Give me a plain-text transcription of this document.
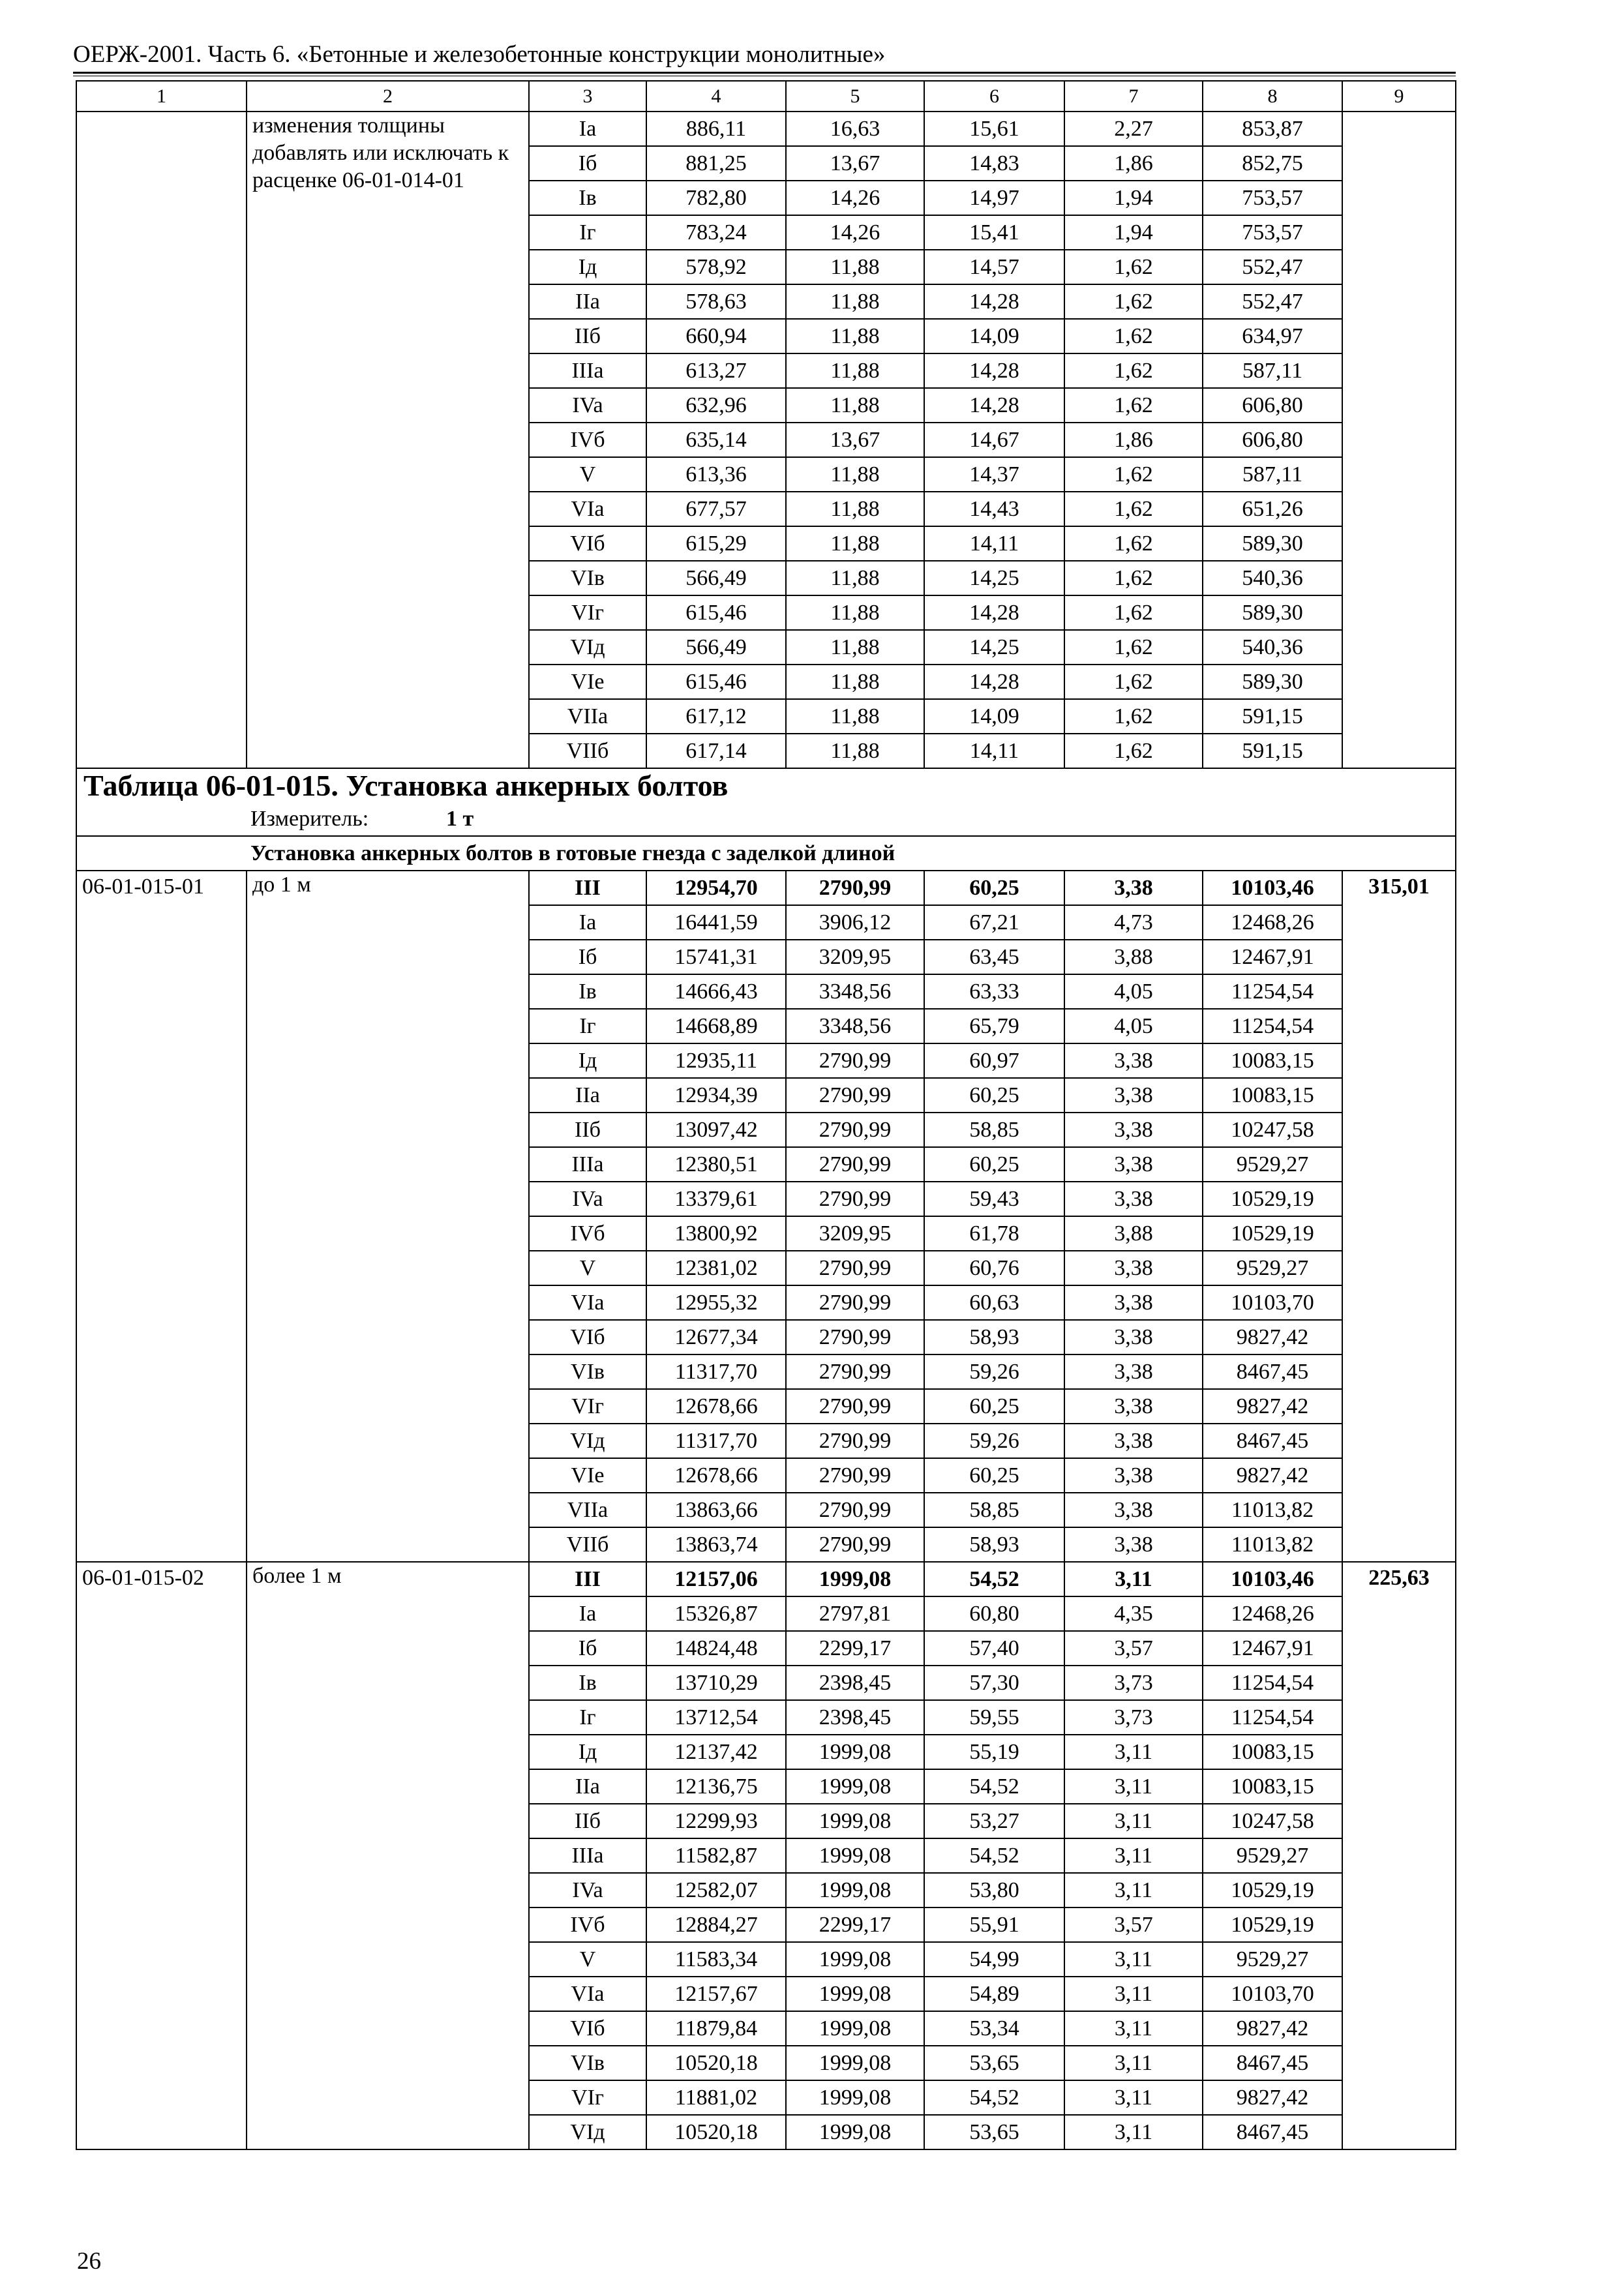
ОЕРЖ-2001. Часть 6. «Бетонные и железобетонные конструкции монолитные»
1	2	3	4	5	6	7	8	9
	изменения толщины добавлять или исключать к расценке 06-01-014-01	Ia	886,11	16,63	15,61	2,27	853,87	
		Iб	881,25	13,67	14,83	1,86	852,75	
		Iв	782,80	14,26	14,97	1,94	753,57	
		Iг	783,24	14,26	15,41	1,94	753,57	
		Iд	578,92	11,88	14,57	1,62	552,47	
		IIa	578,63	11,88	14,28	1,62	552,47	
		IIб	660,94	11,88	14,09	1,62	634,97	
		IIIa	613,27	11,88	14,28	1,62	587,11	
		IVa	632,96	11,88	14,28	1,62	606,80	
		IVб	635,14	13,67	14,67	1,86	606,80	
		V	613,36	11,88	14,37	1,62	587,11	
		VIa	677,57	11,88	14,43	1,62	651,26	
		VIб	615,29	11,88	14,11	1,62	589,30	
		VIв	566,49	11,88	14,25	1,62	540,36	
		VIг	615,46	11,88	14,28	1,62	589,30	
		VIд	566,49	11,88	14,25	1,62	540,36	
		VIe	615,46	11,88	14,28	1,62	589,30	
		VIIa	617,12	11,88	14,09	1,62	591,15	
		VIIб	617,14	11,88	14,11	1,62	591,15	
Таблица 06-01-015. Установка анкерных болтов								
Измеритель: 1 т								
Установка анкерных болтов в готовые гнезда с заделкой длиной								
06-01-015-01	до 1 м	III	12954,70	2790,99	60,25	3,38	10103,46	315,01
		Ia	16441,59	3906,12	67,21	4,73	12468,26	
		Iб	15741,31	3209,95	63,45	3,88	12467,91	
		Iв	14666,43	3348,56	63,33	4,05	11254,54	
		Iг	14668,89	3348,56	65,79	4,05	11254,54	
		Iд	12935,11	2790,99	60,97	3,38	10083,15	
		IIa	12934,39	2790,99	60,25	3,38	10083,15	
		IIб	13097,42	2790,99	58,85	3,38	10247,58	
		IIIa	12380,51	2790,99	60,25	3,38	9529,27	
		IVa	13379,61	2790,99	59,43	3,38	10529,19	
		IVб	13800,92	3209,95	61,78	3,88	10529,19	
		V	12381,02	2790,99	60,76	3,38	9529,27	
		VIa	12955,32	2790,99	60,63	3,38	10103,70	
		VIб	12677,34	2790,99	58,93	3,38	9827,42	
		VIв	11317,70	2790,99	59,26	3,38	8467,45	
		VIг	12678,66	2790,99	60,25	3,38	9827,42	
		VIд	11317,70	2790,99	59,26	3,38	8467,45	
		VIe	12678,66	2790,99	60,25	3,38	9827,42	
		VIIa	13863,66	2790,99	58,85	3,38	11013,82	
		VIIб	13863,74	2790,99	58,93	3,38	11013,82	
06-01-015-02	более 1 м	III	12157,06	1999,08	54,52	3,11	10103,46	225,63
		Ia	15326,87	2797,81	60,80	4,35	12468,26	
		Iб	14824,48	2299,17	57,40	3,57	12467,91	
		Iв	13710,29	2398,45	57,30	3,73	11254,54	
		Iг	13712,54	2398,45	59,55	3,73	11254,54	
		Iд	12137,42	1999,08	55,19	3,11	10083,15	
		IIa	12136,75	1999,08	54,52	3,11	10083,15	
		IIб	12299,93	1999,08	53,27	3,11	10247,58	
		IIIa	11582,87	1999,08	54,52	3,11	9529,27	
		IVa	12582,07	1999,08	53,80	3,11	10529,19	
		IVб	12884,27	2299,17	55,91	3,57	10529,19	
		V	11583,34	1999,08	54,99	3,11	9529,27	
		VIa	12157,67	1999,08	54,89	3,11	10103,70	
		VIб	11879,84	1999,08	53,34	3,11	9827,42	
		VIв	10520,18	1999,08	53,65	3,11	8467,45	
		VIг	11881,02	1999,08	54,52	3,11	9827,42	
		VIд	10520,18	1999,08	53,65	3,11	8467,45	
26
